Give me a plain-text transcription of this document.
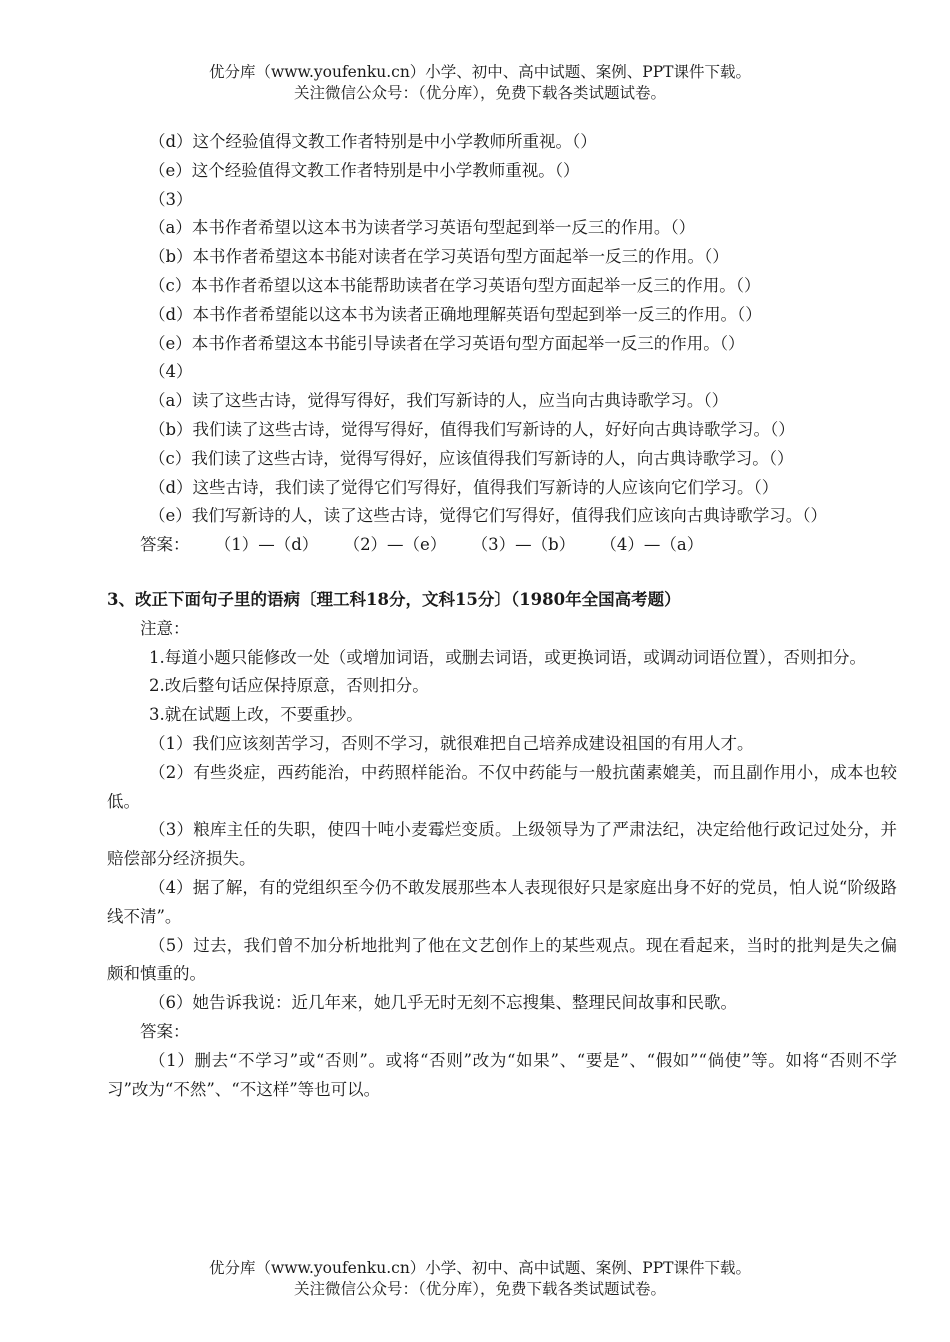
优分库（www.youfenku.cn）小学、初中、高中试题、案例、PPT课件下载。
关注微信公众号：（优分库），免费下载各类试题试卷。
（d）这个经验值得文教工作者特别是中小学教师所重视。（）
（e）这个经验值得文教工作者特别是中小学教师重视。（）
（3）
（a）本书作者希望以这本书为读者学习英语句型起到举一反三的作用。（）
（b）本书作者希望这本书能对读者在学习英语句型方面起举一反三的作用。（）
（c）本书作者希望以这本书能帮助读者在学习英语句型方面起举一反三的作用。（）
（d）本书作者希望能以这本书为读者正确地理解英语句型起到举一反三的作用。（）
（e）本书作者希望这本书能引导读者在学习英语句型方面起举一反三的作用。（）
（4）
（a）读了这些古诗，觉得写得好，我们写新诗的人，应当向古典诗歌学习。（）
（b）我们读了这些古诗，觉得写得好，值得我们写新诗的人，好好向古典诗歌学习。（）
（c）我们读了这些古诗，觉得写得好，应该值得我们写新诗的人，向古典诗歌学习。（）
（d）这些古诗，我们读了觉得它们写得好，值得我们写新诗的人应该向它们学习。（）
（e）我们写新诗的人，读了这些古诗，觉得它们写得好，值得我们应该向古典诗歌学习。（）
答案： （1）—（d） （2）—（e） （3）—（b） （4）—（a）
3、改正下面句子里的语病〔理工科18分，文科15分〕（1980年全国高考题）
注意：
1.每道小题只能修改一处（或增加词语，或删去词语，或更换词语，或调动词语位置），否则扣分。
2.改后整句话应保持原意，否则扣分。
3.就在试题上改，不要重抄。
（1）我们应该刻苦学习，否则不学习，就很难把自己培养成建设祖国的有用人才。
（2）有些炎症，西药能治，中药照样能治。不仅中药能与一般抗菌素媲美，而且副作用小，成本也较低。
（3）粮库主任的失职，使四十吨小麦霉烂变质。上级领导为了严肃法纪，决定给他行政记过处分，并赔偿部分经济损失。
（4）据了解，有的党组织至今仍不敢发展那些本人表现很好只是家庭出身不好的党员，怕人说“阶级路线不清”。
（5）过去，我们曾不加分析地批判了他在文艺创作上的某些观点。现在看起来，当时的批判是失之偏颇和慎重的。
（6）她告诉我说：近几年来，她几乎无时无刻不忘搜集、整理民间故事和民歌。
答案：
（1）删去“不学习”或“否则”。或将“否则”改为“如果”、“要是”、“假如”“倘使”等。如将“否则不学习”改为“不然”、“不这样”等也可以。
优分库（www.youfenku.cn）小学、初中、高中试题、案例、PPT课件下载。
关注微信公众号：（优分库），免费下载各类试题试卷。
